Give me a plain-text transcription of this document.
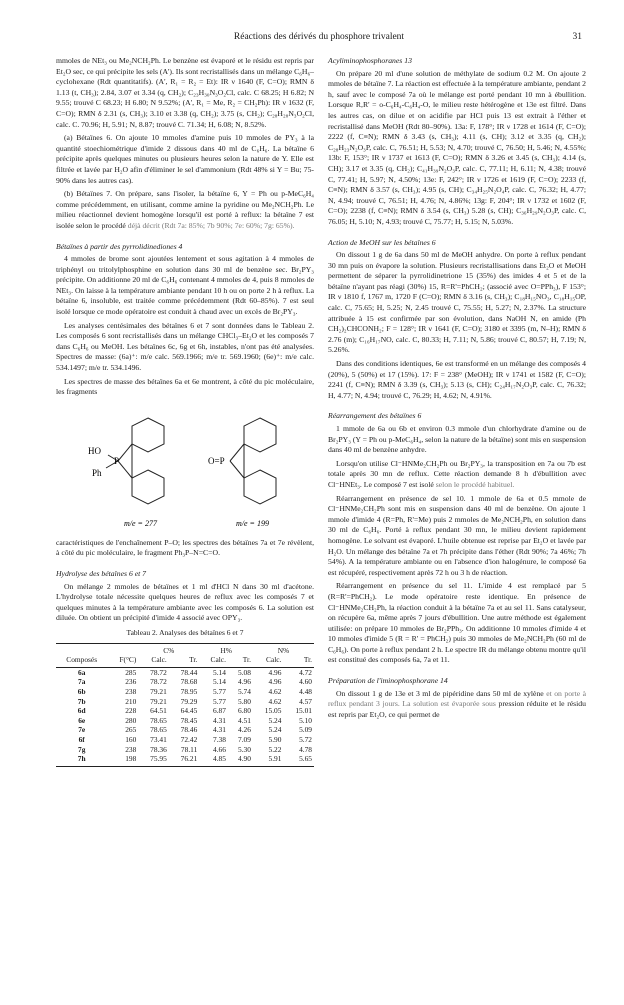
Réactions des dérivés du phosphore trivalent	31

mmoles de NEt₃ ou Me₂NCH₂Ph. Le benzène est évaporé et le résidu est repris par Et₂O sec, ce qui précipite les sels (A'). Ils sont recristallisés dans un mélange C₆H₆–cyclohexane (Rdt quantitatifs). (A', R₁ = R₂ = Et): IR ν 1640 (F, C=O); RMN δ 1.13 (t, CH₃); 2.84, 3.07 et 3.34 (q, CH₂); C₂₃H₃₀N₃O₂Cl, calc. C 68.25; H 6.82; N 9.55; trouvé C 68.23; H 6.80; N 9.52%; (A', R₁ = Me, R₂ = CH₂Ph): IR ν 1632 (F, C=O); RMN δ 2.31 (s, CH₃); 3.10 et 3.38 (q, CH₂); 3.75 (s, CH₂); C₂₈H₂₈N₃O₂Cl, calc. C. 70.96; H, 5.91; N, 8.87; trouvé C. 71.34; H, 6.08; N, 8.52%.

(a) Bétaïnes 6. On ajoute 10 mmoles d'amine puis 10 mmoles de PY₃ à la quantité stoechiométrique d'imide 2 dissous dans 40 ml de C₆H₆. La bétaïne 6 précipite après quelques minutes ou plusieurs heures selon la nature de Y. Elle est filtrée et lavée par H₂O afin d'éliminer le sel d'ammonium (Rdt 48% si Y = Bu; 75-90% dans les autres cas).

(b) Bétaïnes 7. On prépare, sans l'isoler, la bétaïne 6, Y = Ph ou p-MeC₆H₄ comme précédemment, en utilisant, comme amine la pyridine ou Me₂NCH₂Ph. Le milieu réactionnel devient homogène lorsqu'il est porté à reflux: la bétaïne 7 est isolée selon le procédé déjà décrit (Rdt 7a: 85%; 7b 90%; 7e: 60%; 7g: 65%).

Bétaïnes à partir des pyrrolidinediones 4

4 mmoles de brome sont ajoutées lentement et sous agitation à 4 mmoles de triphényl ou tritolylphosphine en solution dans 30 ml de benzène sec. Br₂PY₃ précipite. On additionne 20 ml de C₆H₆ contenant 4 mmoles de 4, puis 8 mmoles de NEt₃. On laisse à la température ambiante pendant 10 h ou on porte 2 h à reflux. La bétaïne 6, insoluble, est traitée comme précédemment (Rdt 60–85%). 7 est seul isolé lorsque ce mode opératoire est conduit à chaud avec un excès de Br₂PY₃.

Les analyses centésimales des bétaïnes 6 et 7 sont données dans le Tableau 2. Les composés 6 sont recristallisés dans un mélange CHCl₃–Et₂O et les composés 7 dans C₆H₆ ou MeOH. Les bétaïnes 6c, 6g et 6h, instables, n'ont pas été analysées. Spectres de masse: (6a)⁺: m/e calc. 569.1966; m/e tr. 569.1960; (6e)⁺: m/e calc. 534.1497; m/e tr. 534.1496.

Les spectres de masse des bétaïnes 6a et 6e montrent, à côté du pic moléculaire, les fragments

HO
P
Ph
O=P
m/e = 277	m/e = 199

caractéristiques de l'enchaînement P–O; les spectres des bétaïnes 7a et 7e révèlent, à côté du pic moléculaire, le fragment Ph₃P–N=C=O.

Hydrolyse des bétaïnes 6 et 7

On mélange 2 mmoles de bétaïnes et 1 ml d'HCl N dans 30 ml d'acétone. L'hydrolyse totale nécessite quelques heures de reflux avec les composés 7 et quelques minutes à la température ambiante avec les composés 6. La solution est diluée. On obtient un précipité d'imide 4 associé avec OPY₃.

Tableau 2. Analyses des bétaïnes 6 et 7
		C%		H%		N%	
Composés	F(°C)	Calc.	Tr.	Calc.	Tr.	Calc.	Tr.
6a	285	78.72	78.44	5.14	5.08	4.96	4.72
7a	236	78.72	78.68	5.14	4.96	4.96	4.60
6b	238	79.21	78.95	5.77	5.74	4.62	4.48
7b	210	79.21	79.29	5.77	5.80	4.62	4.57
6d	228	64.51	64.45	6.87	6.80	15.05	15.01
6e	280	78.65	78.45	4.31	4.51	5.24	5.10
7e	265	78.65	78.46	4.31	4.26	5.24	5.09
6f	160	73.41	72.42	7.38	7.09	5.90	5.72
7g	238	78.36	78.11	4.66	5.30	5.22	4.78
7h	198	75.95	76.21	4.85	4.90	5.91	5.65
Acyliminophosphoranes 13

On prépare 20 ml d'une solution de méthylate de sodium 0.2 M. On ajoute 2 mmoles de bétaïne 7. La réaction est effectuée à la température ambiante, pendant 2 h, sauf avec le composé 7a où le mélange est porté pendant 10 mn à ébullition. Lorsque R,R' = o-C₆H₄-C₆H₄-O, le milieu reste hétérogène et 13e est filtré. Dans les autres cas, on dilue et on acidifie par HCl puis 13 est extrait à l'éther et recristallisé dans MeOH (Rdt 80–90%). 13a: F, 178°; IR ν 1728 et 1614 (F, C=O); 2222 (f, C≡N); RMN δ 3.43 (s, CH₃); 4.11 (s, CH); 3.12 et 3.35 (q, CH₂); C₂₈H₂₃N₂O₃P, calc. C, 76.51; H, 5.53; N, 4.70; trouvé C, 76.50; H, 5.46; N, 4.55%; 13b: F, 153°; IR ν 1737 et 1613 (F, C=O); RMN δ 3.26 et 3.45 (s, CH₃); 4.14 (s, CH); 3.17 et 3.35 (q, CH₂); C₄₁H₃₉N₂O₃P, calc. C, 77.11; H, 6.11; N, 4.38; trouvé C, 77.41; H, 5.97; N, 4.50%; 13e: F, 242°; IR ν 1726 et 1619 (F, C=O); 2233 (f, C≡N); RMN δ 3.57 (s, CH₃); 4.95 (s, CH); C₃₄H₂₅N₂O₄P, calc. C, 76.32; H, 4.77; N, 4.94; trouvé C, 76.51; H, 4.76; N, 4.86%; 13g: F, 204°; IR ν 1732 et 1602 (F, C=O); 2238 (f, C≡N); RMN δ 3.54 (s, CH₃) 5.28 (s, CH); C₃₆H₂₉N₂O₃P, calc. C, 76.05; H, 5.10; N, 4.93; trouvé C, 75.77; H, 5.15; N, 5.03%.

Action de MeOH sur les bétaïnes 6

On dissout 1 g de 6a dans 50 ml de MeOH anhydre. On porte à reflux pendant 30 mn puis on évapore la solution. Plusieurs recristallisations dans Et₂O et MeOH permettent de séparer la pyrrolidinetrione 15 (35%) des imides 4 et 5 et de la bétaïne n'ayant pas réagi (30%) 15, R=R'=PhCH₂; (associé avec O=PPh₃), F 153°; IR ν 1810 f, 1767 m, 1720 F (C=O); RMN δ 3.16 (s, CH₃); C₁₈H₁₅NO₃, C₁₈H₁₅OP, calc. C, 75.65; H, 5.25; N, 2.45 trouvé C, 75.55; H, 5.27; N, 2.37%. La structure attribuée à 15 est confirmée par son évolution, dans NaOH N, en amide (Ph CH₂)₂CHCONH₂; F = 128°; IR ν 1641 (F, C=O); 3180 et 3395 (m, N–H); RMN δ 2.76 (m); C₁₆H₁₇NO, calc. C, 80.33; H, 7.11; N, 5.86; trouvé C, 80.57; H, 7.19; N, 5.26%.

Dans des conditions identiques, 6e est transformé en un mélange des composés 4 (20%), 5 (50%) et 17 (15%). 17: F = 238° (MeOH); IR ν 1741 et 1582 (F, C=O); 2241 (f, C≡N); RMN δ 3.39 (s, CH₃); 5.13 (s, CH); C₂₄H₁₇N₂O₃P, calc. C, 76.32; H, 4.77; N, 4.94; trouvé C, 76.29; H, 4.62; N, 4.91%.

Réarrangement des bétaïnes 6

1 mmole de 6a ou 6b et environ 0.3 mmole d'un chlorhydrate d'amine ou de Br₂PY₃ (Y = Ph ou p-MeC₆H₄, selon la nature de la bétaïne) sont mis en suspension dans 40 ml de benzène anhydre.

Lorsqu'on utilise Cl⁻HNMe₂CH₂Ph ou Br₂PY₃, la transposition en 7a ou 7b est totale après 30 mn de reflux. Cette réaction demande 8 h d'ébullition avec Cl⁻HNEt₃. Le composé 7 est isolé selon le procédé habituel.

Réarrangement en présence de sel 10. 1 mmole de 6a et 0.5 mmole de Cl⁻HNMe₂CH₂Ph sont mis en suspension dans 40 ml de benzène. On ajoute 1 mmole d'imide 4 (R=Ph, R'=Me) puis 2 mmoles de Me₂NCH₂Ph, en solution dans 30 ml de C₆H₆. Porté à reflux pendant 30 mn, le milieu devient rapidement homogène. Le solvant est évaporé. L'huile obtenue est reprise par Et₂O et lavée par H₂O. Un mélange des bétaïne 7a et 7h précipite dans l'éther (Rdt 90%; 7a 46%; 7h 54%). A la température ambiante ou en l'absence d'ion halogénure, le composé 6a est récupéré, respectivement après 72 h ou 3 h de réaction.

Réarrangement en présence du sel 11. L'imide 4 est remplacé par 5 (R=R'=PhCH₂). Le mode opératoire reste identique. En présence de Cl⁻HNMe₂CH₂Ph, la réaction conduit à la bétaïne 7a et au sel 11. Sans catalyseur, on récupère 6a, même après 7 jours d'ébullition. Une autre méthode est également utilisée: on prépare 10 mmoles de Br₂PPh₃. On additionne 10 mmoles d'imide 4 et 10 mmoles d'imide 5 (R = R' = PhCH₂) puis 30 mmoles de Me₂NCH₂Ph (60 ml de C₆H₆). On porte à reflux pendant 2 h. Le spectre IR du mélange obtenu montre qu'il est constitué des composés 6a, 7a et 11.

Préparation de l'iminophosphorane 14

On dissout 1 g de 13e et 3 ml de pipéridine dans 50 ml de xylène et on porte à reflux pendant 3 jours. La solution est évaporée sous pression réduite et le résidu est repris par Et₂O, ce qui permet de
